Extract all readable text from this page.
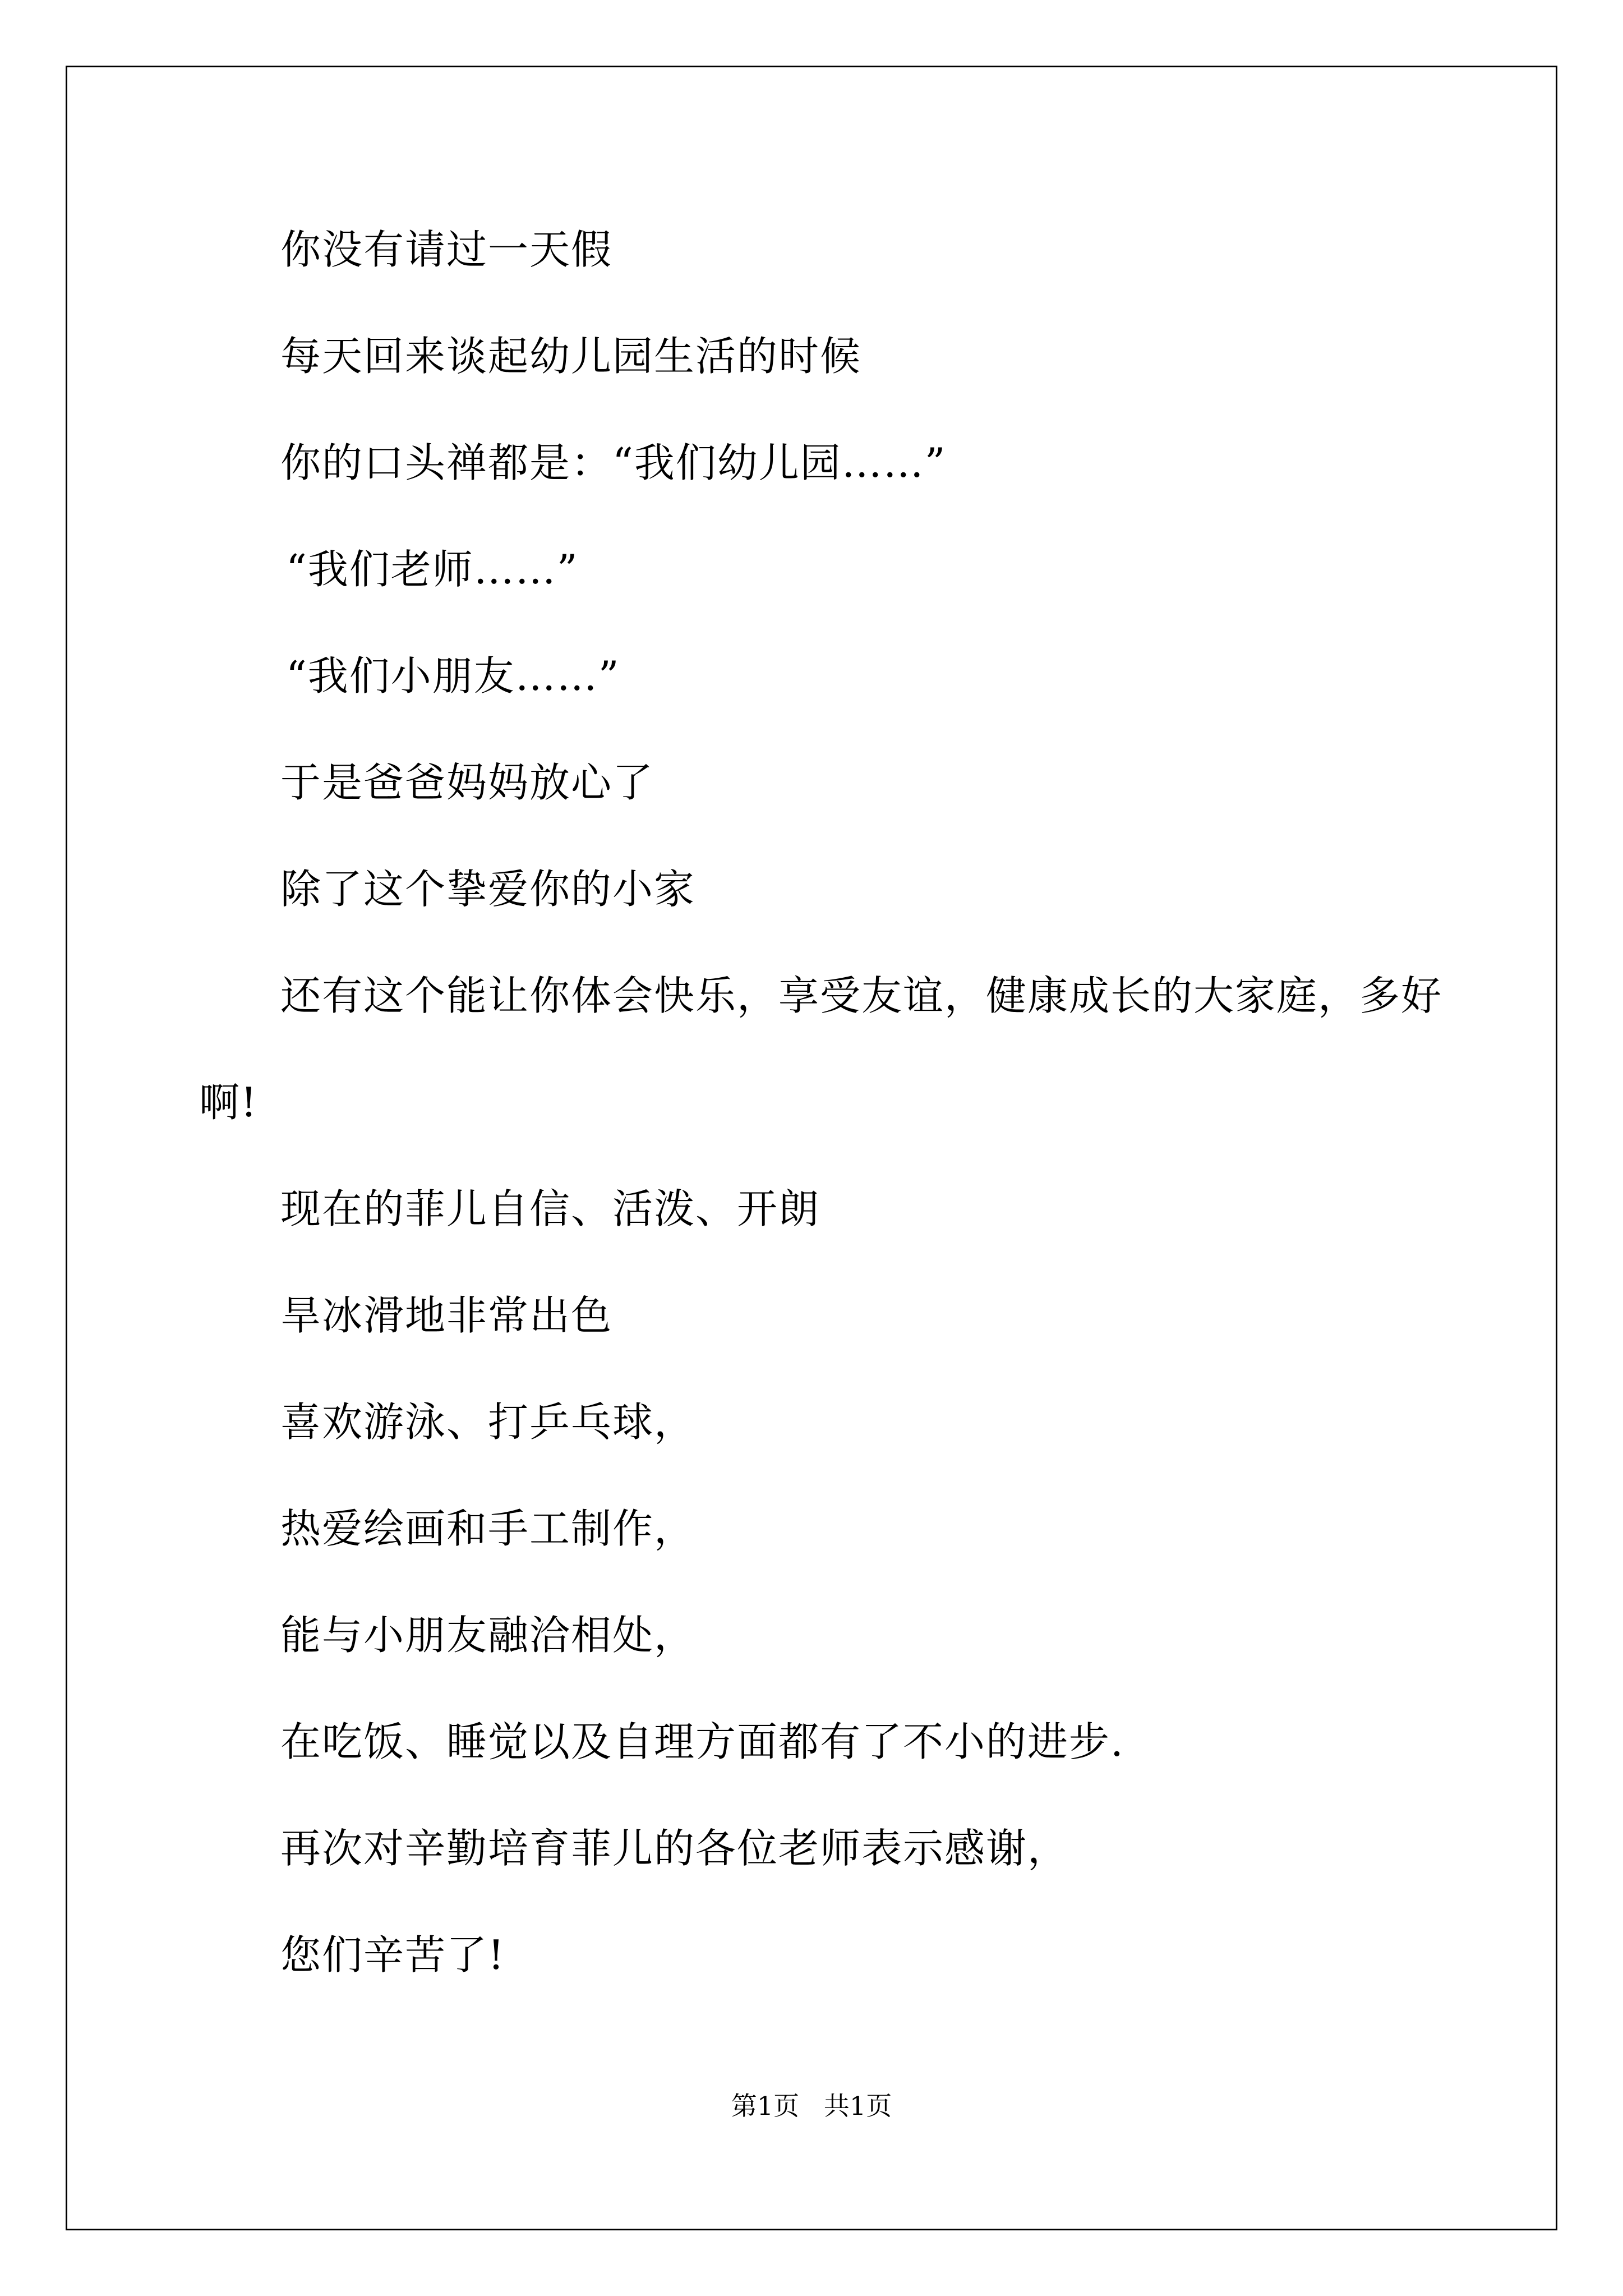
你没有请过一天假
每天回来谈起幼儿园生活的时候
你的口头禅都是：“我们幼儿园……”
“我们老师……”
“我们小朋友……”
于是爸爸妈妈放心了
除了这个挚爱你的小家
还有这个能让你体会快乐，享受友谊，健康成长的大家庭，多好
啊!
现在的菲儿自信、活泼、开朗
旱冰滑地非常出色
喜欢游泳、打乒乓球，
热爱绘画和手工制作，
能与小朋友融洽相处，
在吃饭、睡觉以及自理方面都有了不小的进步.
再次对辛勤培育菲儿的各位老师表示感谢，
您们辛苦了!
第1页   共1页
